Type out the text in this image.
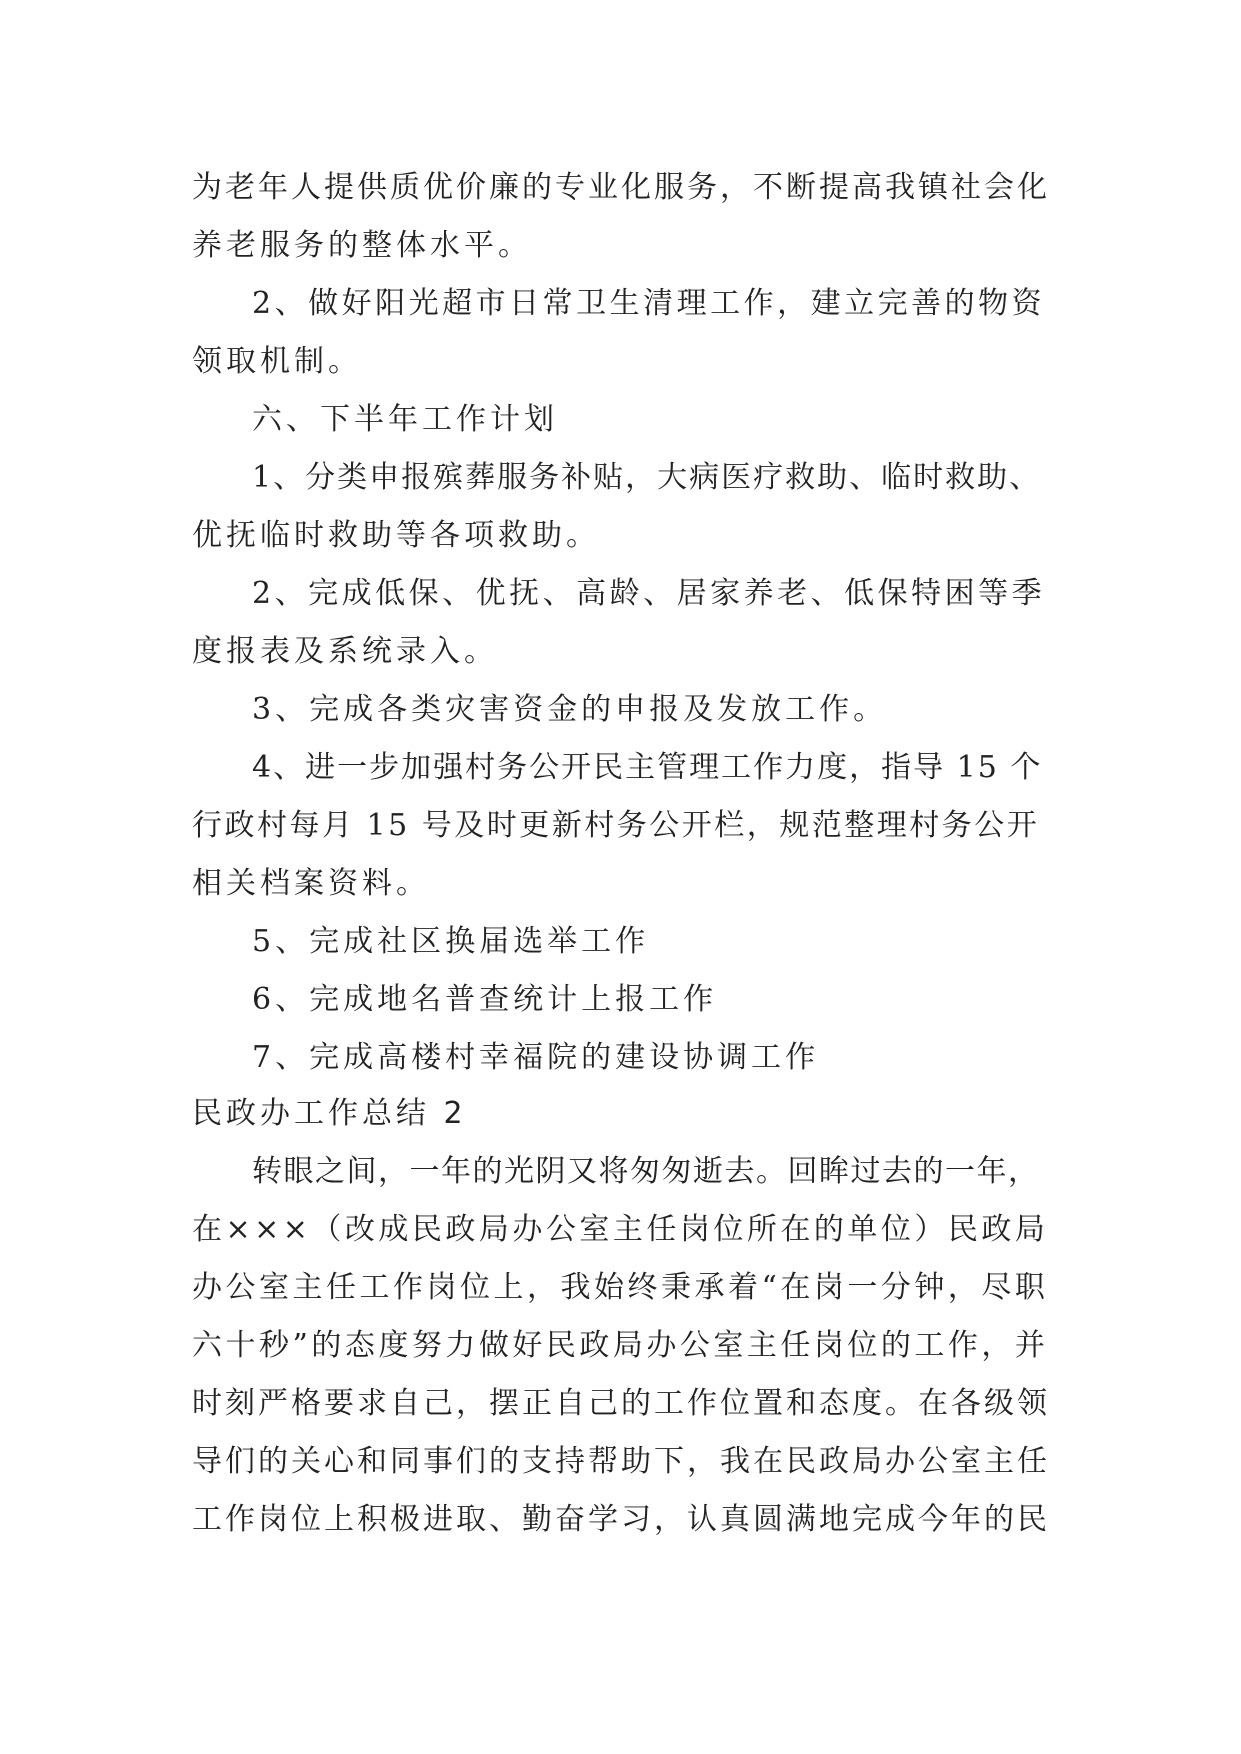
为老年人提供质优价廉的专业化服务，不断提高我镇社会化
养老服务的整体水平。
2、做好阳光超市日常卫生清理工作，建立完善的物资
领取机制。
六、下半年工作计划
1、分类申报殡葬服务补贴，大病医疗救助、临时救助、
优抚临时救助等各项救助。
2、完成低保、优抚、高龄、居家养老、低保特困等季
度报表及系统录入。
3、完成各类灾害资金的申报及发放工作。
4、进一步加强村务公开民主管理工作力度，指导 15 个
行政村每月 15 号及时更新村务公开栏，规范整理村务公开
相关档案资料。
5、完成社区换届选举工作
6、完成地名普查统计上报工作
7、完成高楼村幸福院的建设协调工作
民政办工作总结 2
转眼之间，一年的光阴又将匆匆逝去。回眸过去的一年，
在×××（改成民政局办公室主任岗位所在的单位）民政局
办公室主任工作岗位上，我始终秉承着“在岗一分钟，尽职
六十秒”的态度努力做好民政局办公室主任岗位的工作，并
时刻严格要求自己，摆正自己的工作位置和态度。在各级领
导们的关心和同事们的支持帮助下，我在民政局办公室主任
工作岗位上积极进取、勤奋学习，认真圆满地完成今年的民
